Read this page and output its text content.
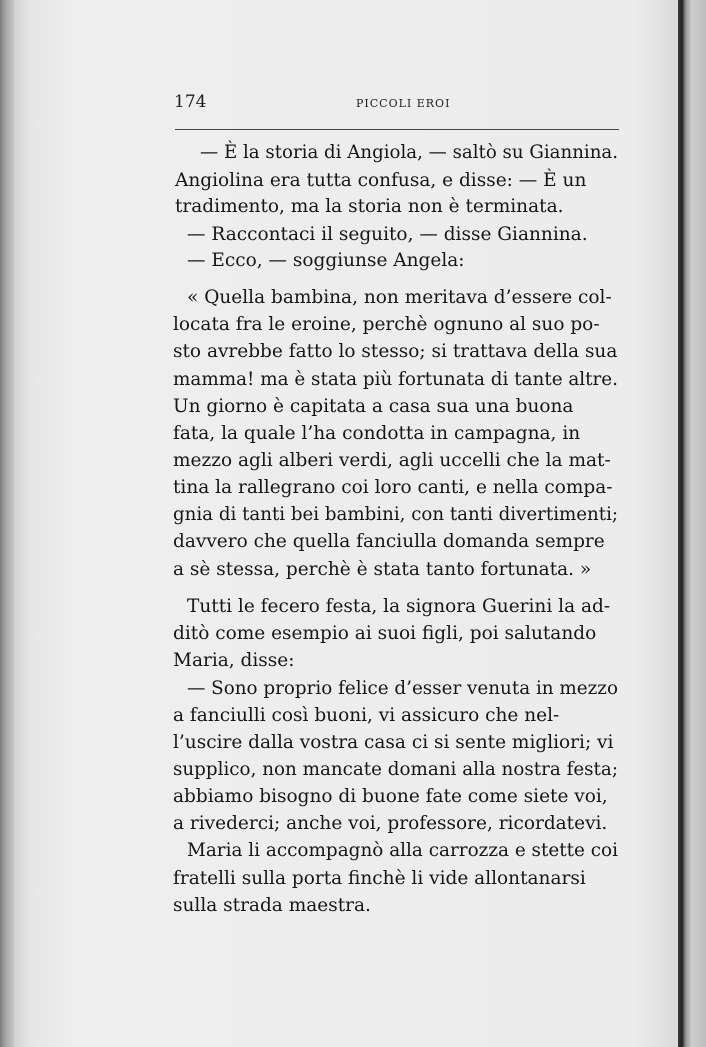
174	PICCOLI EROI
— È la storia di Angiola, — saltò su Giannina.
Angiolina era tutta confusa, e disse: — È un
tradimento, ma la storia non è terminata.
— Raccontaci il seguito, — disse Giannina.
— Ecco, — soggiunse Angela:
« Quella bambina, non meritava d’essere col-
locata fra le eroine, perchè ognuno al suo po-
sto avrebbe fatto lo stesso; si trattava della sua
mamma! ma è stata più fortunata di tante altre.
Un giorno è capitata a casa sua una buona
fata, la quale l’ha condotta in campagna, in
mezzo agli alberi verdi, agli uccelli che la mat-
tina la rallegrano coi loro canti, e nella compa-
gnia di tanti bei bambini, con tanti divertimenti;
davvero che quella fanciulla domanda sempre
a sè stessa, perchè è stata tanto fortunata. »
Tutti le fecero festa, la signora Guerini la ad-
ditò come esempio ai suoi figli, poi salutando
Maria, disse:
— Sono proprio felice d’esser venuta in mezzo
a fanciulli così buoni, vi assicuro che nel-
l’uscire dalla vostra casa ci si sente migliori; vi
supplico, non mancate domani alla nostra festa;
abbiamo bisogno di buone fate come siete voi,
a rivederci; anche voi, professore, ricordatevi.
Maria li accompagnò alla carrozza e stette coi
fratelli sulla porta finchè li vide allontanarsi
sulla strada maestra.
